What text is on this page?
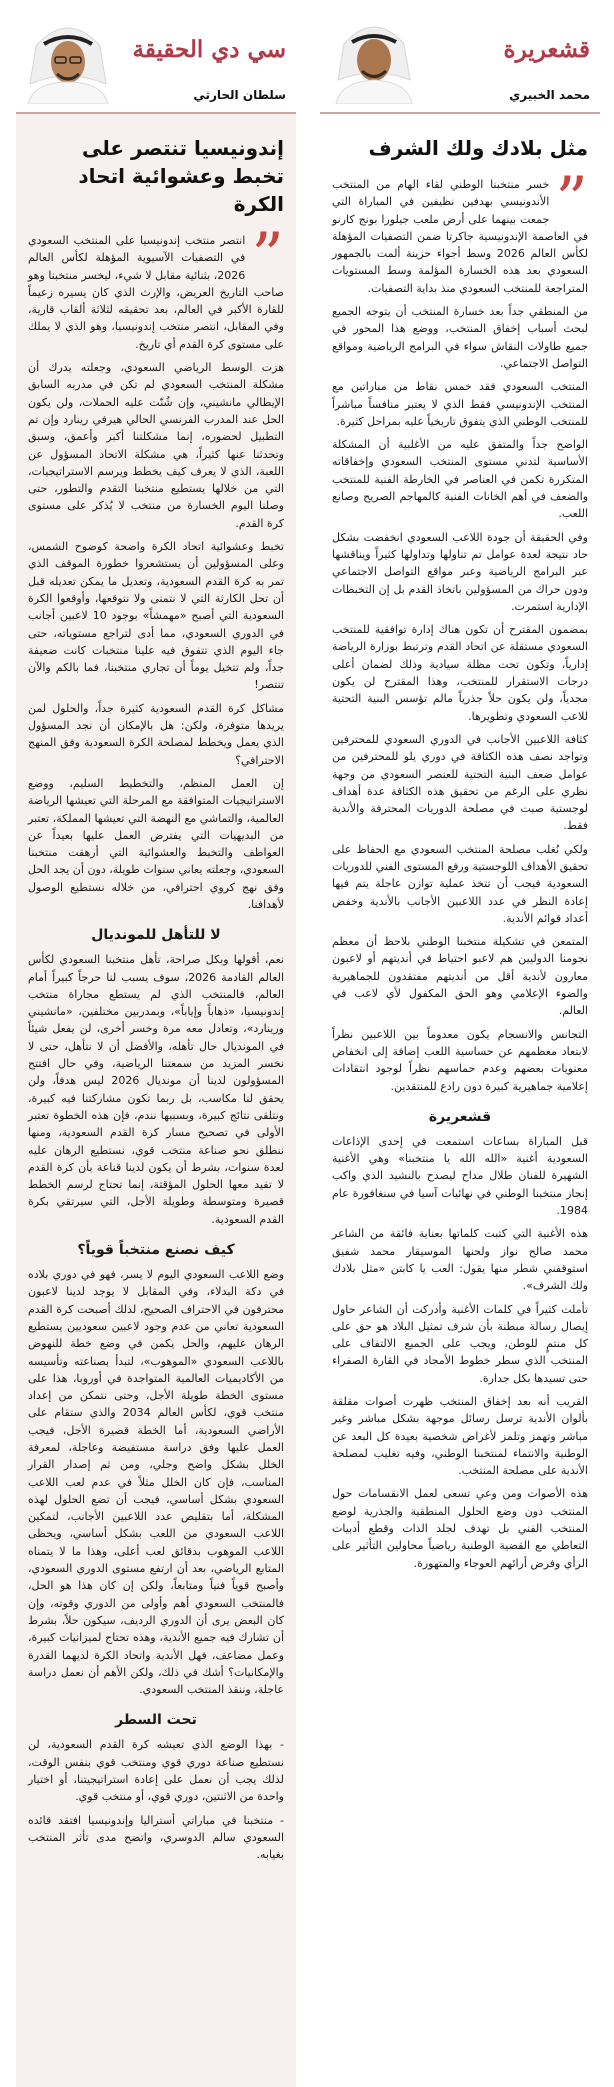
قشعريرة
محمد الخبيري
مثل بلادك ولك الشرف
”

خسر منتخبنا الوطني لقاء الهام من المنتخب الأندونيسي بهدفين نظيفين في المباراة التي جمعت بينهما على أرض ملعب جيلورا بونج كارنو في العاصمة الإندونيسية جاكرتا ضمن التصفيات المؤهلة لكأس العالم 2026 وسط أجواء حزينة ألمت بالجمهور السعودي بعد هذه الخسارة المؤلمة وسط المستويات المتراجعة للمنتخب السعودي منذ بداية التصفيات.

من المنطقي جداً بعد خسارة المنتخب أن يتوجه الجميع لبحث أسباب إخفاق المنتخب، ووضع هذا المحور في جميع طاولات النقاش سواء في البرامج الرياضية ومواقع التواصل الاجتماعي.

المنتخب السعودي فقد خمس نقاط من مباراتين مع المنتخب الإندونيسي فقط الذي لا يعتبر منافساً مباشراً للمنتخب الوطني الذي يتفوق تاريخياً عليه بمراحل كثيرة.

الواضح جداً والمتفق عليه من الأغلبية أن المشكلة الأساسية لتدني مستوى المنتخب السعودي وإخفاقاته المتكررة تكمن في العناصر في الخارطة الفنية للمنتخب والضعف في أهم الخانات الفنية كالمهاجم الصريح وصانع اللعب.

وفي الحقيقة أن جودة اللاعب السعودي انخفضت بشكل حاد نتيجة لعدة عوامل تم تناولها وتداولها كثيراً ويناقشها عبر البرامج الرياضية وعبر مواقع التواصل الاجتماعي ودون حراك من المسؤولين باتخاذ القدم بل إن التخبطات الإدارية استمرت.

بمضمون المقترح أن تكون هناك إدارة توافقية للمنتخب السعودي مستقلة عن اتحاد القدم وترتبط بوزارة الرياضة إدارياً، وتكون تحت مظلة سيادية وذلك لضمان أعلى درجات الاستقرار للمنتخب، وهذا المقترح لن يكون مجدياً، ولن يكون حلاً جذرياً مالم تؤسس البنية التحتية للاعب السعودي وتطويرها.

كثافة اللاعبين الأجانب في الدوري السعودي للمحترفين وتواجد نصف هذه الكثافة في دوري يلو للمحترفين من عوامل ضعف البنية التحتية للعنصر السعودي من وجهة نظري على الرغم من تحقيق هذه الكثافة عدة أهداف لوجستية صبت في مصلحة الدوريات المحترفة والأندية فقط.

ولكي نُغلب مصلحة المنتخب السعودي مع الحفاظ على تحقيق الأهداف اللوجستية ورفع المستوى الفني للدوريات السعودية فيجب أن تتخذ عملية توازن عاجلة يتم فيها إعادة النظر في عدد اللاعبين الأجانب بالأندية وخفض أعداد قوائم الأندية.

المتمعن في تشكيلة منتخبنا الوطني بلاحظ أن معظم نجومنا الدوليين هم لاعبو احتياط في أنديتهم أو لاعبون معارون لأندية أقل من أنديتهم مفتقدون للجماهيرية والضوء الإعلامي وهو الحق المكفول لأي لاعب في العالم.

التجانس والانسجام يكون معدوماً بين اللاعبين نظراً لابتعاد معظمهم عن حساسية اللعب إضافة إلى انخفاض معنويات بعضهم وعدم حماسهم نظراً لوجود انتقادات إعلامية جماهيرية كبيرة دون رادع للمنتقدين.

قشعريرة

قبل المباراة بساعات استمعت في إحدى الإذاعات السعودية أغنية «الله الله يا منتخبنا» وهي الأغنية الشهيرة للفنان طلال مداح ليصدح بالنشيد الذي واكب إنجاز منتخبنا الوطني في نهائيات آسيا في سنغافورة عام 1984.

هذه الأغنية التي كتبت كلماتها بعناية فائقة من الشاعر محمد صالح نواز ولحنها الموسيقار محمد شفيق استوقفني شطر منها يقول: العب يا كابتن «مثل بلادك ولك الشرف».

تأملت كثيراً في كلمات الأغنية وأدركت أن الشاعر حاول إيصال رسالة مبطنة بأن شرف تمثيل البلاد هو حق على كل منتمٍ للوطن، ويجب على الجميع الالتفاف على المنتخب الذي سطر خطوط الأمجاد في القارة الصفراء حتى تسيدها بكل جدارة.

القريب أنه بعد إخفاق المنتخب ظهرت أصوات مقلقة بألوان الأندية ترسل رسائل موجهة بشكل مباشر وغير مباشر وتهمز وتلمز لأغراض شخصية بعيدة كل البعد عن الوطنية والانتماء لمنتخبنا الوطني، وفيه تغليب لمصلحة الأندية على مصلحة المنتخب.

هذه الأصوات ومن وعي تسعى لعمل الانقسامات حول المنتخب دون وضع الحلول المنطقية والجذرية لوضع المنتخب الفني بل تهدف لجلد الذات وقطع أدبيات التعاطي مع القضية الوطنية رياضياً محاولين التأثير على الرأي وفرض أرائهم العوجاء والمتهورة.

سي دي الحقيقة
سلطان الحارثي
إندونيسيا تنتصر على تخبط وعشوائية اتحاد الكرة
”

انتصر منتخب إندونيسيا على المنتخب السعودي في التصفيات الآسيوية المؤهلة لكأس العالم 2026، بثنائية مقابل لا شيء، ليخسر منتخبنا وهو صاحب التاريخ العريض، والإرث الذي كان يسيره زعيماً للقارة الأكبر في العالم، بعد تحقيقه لثلاثة ألقاب قارية، وفي المقابل، انتصر منتخب إندونيسيا، وهو الذي لا يملك على مستوى كرة القدم أي تاريخ.

هزت الوسط الرياضي السعودي، وجعلته يدرك أن مشكلة المنتخب السعودي لم تكن في مدربه السابق الإيطالي مانشيني، وإن شُنّت عليه الحملات، ولن يكون الحل عند المدرب الفرنسي الحالي هيرفي رينارد وإن تم التطبيل لحضوره، إنما مشكلتنا أكبر وأعمق، وسبق وتحدثنا عنها كثيراً، هي مشكلة الاتحاد المسؤول عن اللعبة، الذي لا يعرف كيف يخطط ويرسم الاستراتيجيات، التي من خلالها يستطيع منتخبنا التقدم والتطور، حتى وصلنا اليوم الخسارة من منتخب لا يُذكر على مستوى كرة القدم.

تخبط وعشوائية اتحاد الكرة واضحة كوضوح الشمس، وعلى المسؤولين أن يستشعروا خطورة الموقف الذي تمر به كرة القدم السعودية، وتعديل ما يمكن تعديله قبل أن تحل الكارثة التي لا نتمنى ولا نتوقعها، وأوقعوا الكرة السعودية التي أصبح «مهمشاً» بوجود 10 لاعبين أجانب في الدوري السعودي، مما أدى لتراجع مستوياته، حتى جاء اليوم الذي تتفوق فيه علينا منتخبات كانت ضعيفة جداً، ولم تتخيل يوماً أن تجاري منتخبنا، فما بالكم والآن تنتصر!

مشاكل كرة القدم السعودية كثيرة جداً، والحلول لمن يريدها متوفرة، ولكن: هل بالإمكان أن نجد المسؤول الذي يعمل ويخطط لمصلحة الكرة السعودية وفق المنهج الاحترافي؟

إن العمل المنظم، والتخطيط السليم، ووضع الاستراتيجيات المتوافقة مع المرحلة التي تعيشها الرياضة العالمية، والتماشي مع النهضة التي تعيشها المملكة، تعتبر من البديهيات التي يفترض العمل عليها بعيداً عن العواطف والتخبط والعشوائية التي أرهقت منتخبنا السعودي، وجعلته يعاني سنوات طويلة، دون أن يجد الحل وفق نهج كروي احترافي، من خلاله نستطيع الوصول لأهدافنا.

لا للتأهل للمونديال

نعم، أقولها وبكل صراحة، تأهل منتخبنا السعودي لكأس العالم القادمة 2026، سوف يسبب لنا حرجاً كبيراً أمام العالم، فالمنتخب الذي لم يستطع مجاراة منتخب إندونيسيا، «ذهاباً وإياباً»، وبمدربين مختلفين، «مانشيني ورينارد»، وتعادل معه مرة وخسر أخرى، لن يفعل شيئاً في المونديال حال تأهله، والأفضل أن لا نتأهل، حتى لا نخسر المزيد من سمعتنا الرياضية، وفي حال افتتح المسؤولون لدينا أن مونديال 2026 ليس هدفاً، ولن يحقق لنا مكاسب، بل ربما تكون مشاركتنا فيه كبيرة، ونتلقى نتائج كبيرة، وبسببها نندم، فإن هذه الخطوة تعتبر الأولى في تصحيح مسار كرة القدم السعودية، ومنها ننطلق نحو صناعة منتخب قوي، نستطيع الرهان عليه لعدة سنوات، بشرط أن يكون لدينا قناعة بأن كرة القدم لا تفيد معها الحلول المؤقتة، إنما تحتاج لرسم الخطط قصيرة ومتوسطة وطويلة الأجل، التي سيرتقي بكرة القدم السعودية.

كيف نصنع منتخباً قوياً؟

وضع اللاعب السعودي اليوم لا يسر، فهو في دوري بلاده في دكة البدلاء، وفي المقابل لا يوجد لدينا لاعبون محترفون في الاحتراف الصحيح، لذلك أصبحت كرة القدم السعودية تعاني من عدم وجود لاعبين سعوديين يستطيع الرهان عليهم، والحل يكمن في وضع خطة للنهوض باللاعب السعودي «الموهوب»، لتبدأ بصناعته وتأسيسه من الأكاديميات العالمية المتواجدة في أوروبا، هذا على مستوى الخطة طويلة الأجل، وحتى نتمكن من إعداد منتخب قوي، لكأس العالم 2034 والذي ستقام على الأراضي السعودية، أما الخطة قصيرة الأجل، فيجب العمل عليها وفق دراسة مستفيضة وعاجلة، لمعرفة الخلل بشكل واضح وجلي، ومن ثم إصدار القرار المناسب، فإن كان الخلل مثلاً في عدم لعب اللاعب السعودي بشكل أساسي، فيجب أن تضع الحلول لهذه المشكلة، أما بتقليص عدد اللاعبين الأجانب، لتمكين اللاعب السعودي من اللعب بشكل أساسي، ويحظى اللاعب الموهوب بدقائق لعب أعلى، وهذا ما لا يتمناه المتابع الرياضي، بعد أن ارتفع مستوى الدوري السعودي، وأصبح قوياً فنياً ومتابعاً، ولكن إن كان هذا هو الحل، فالمنتخب السعودي أهم وأولى من الدوري وقوته، وإن كان البعض يرى أن الدوري الرديف، سيكون حلاً، بشرط أن تشارك فيه جميع الأندية، وهذه تحتاج لميزانيات كبيرة، وعمل مضاعف، فهل الأندية واتحاد الكرة لديهما القدرة والإمكانيات؟ أشك في ذلك، ولكن الأهم أن نعمل دراسة عاجلة، وننقذ المنتخب السعودي.

تحت السطر

- بهذا الوضع الذي تعيشه كرة القدم السعودية، لن نستطيع صناعة دوري قوي ومنتخب قوي بنفس الوقت، لذلك يجب أن نعمل على إعادة استراتيجيتنا، أو اختيار واحدة من الاثنتين، دوري قوي، أو منتخب قوي.

- منتخبنا في مباراتي أستراليا وإندونيسيا افتقد قائده السعودي سالم الدوسري، واتضح مدى تأثر المنتخب بغيابه.
